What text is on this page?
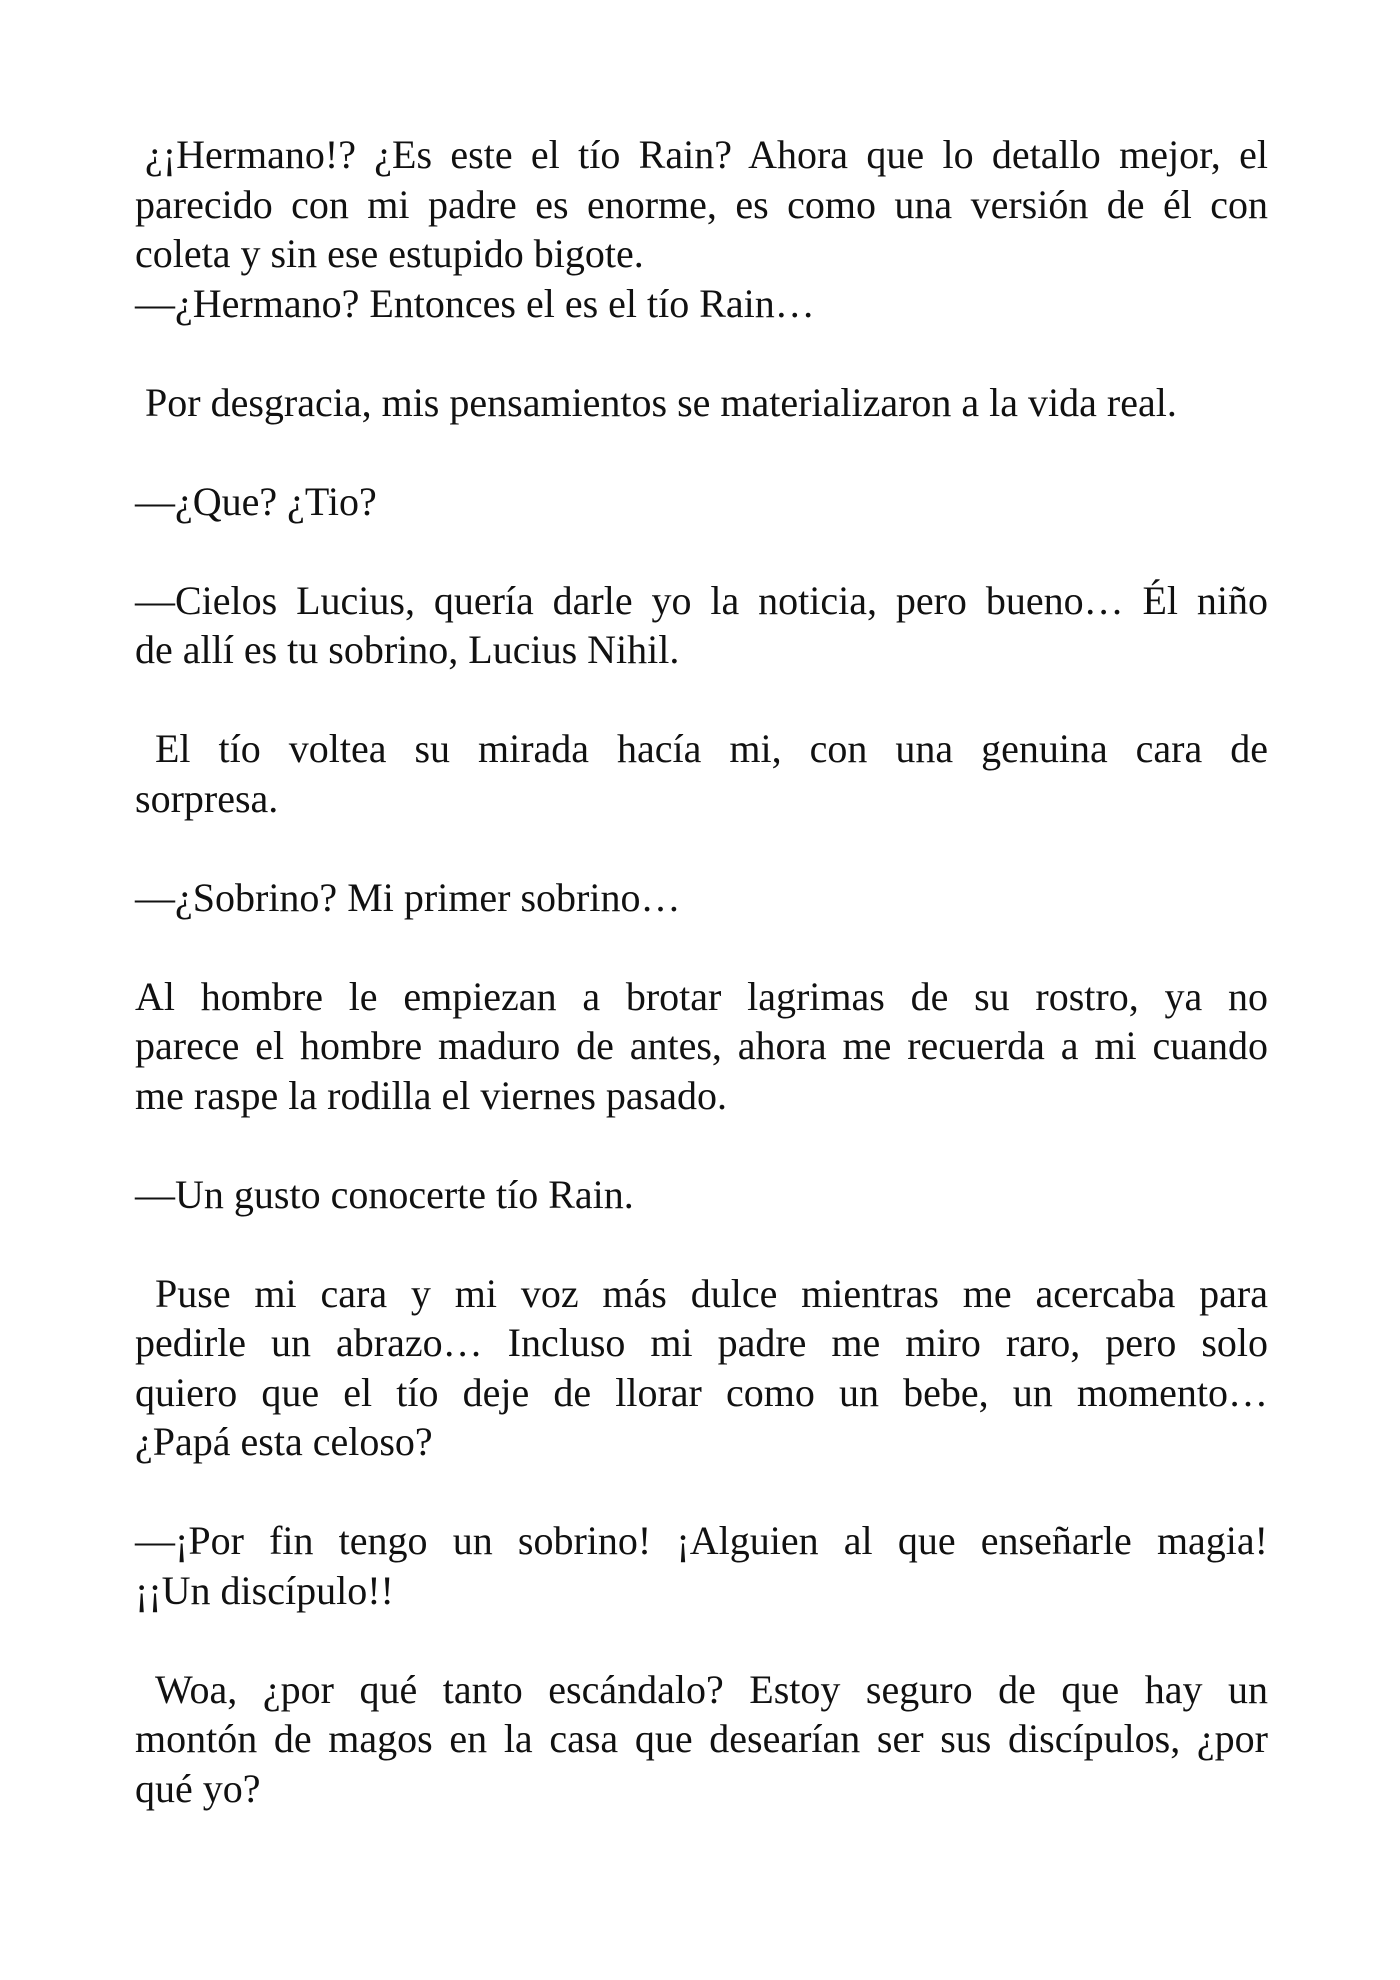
¿¡Hermano!? ¿Es este el tío Rain? Ahora que lo detallo mejor, el
parecido con mi padre es enorme, es como una versión de él con
coleta y sin ese estupido bigote.

—¿Hermano? Entonces el es el tío Rain…

Por desgracia, mis pensamientos se materializaron a la vida real.

—¿Que? ¿Tio?

—Cielos Lucius, quería darle yo la noticia, pero bueno… Él niño
de allí es tu sobrino, Lucius Nihil.

El tío voltea su mirada hacía mi, con una genuina cara de
sorpresa.

—¿Sobrino? Mi primer sobrino…

Al hombre le empiezan a brotar lagrimas de su rostro, ya no
parece el hombre maduro de antes, ahora me recuerda a mi cuando
me raspe la rodilla el viernes pasado.

—Un gusto conocerte tío Rain.

Puse mi cara y mi voz más dulce mientras me acercaba para
pedirle un abrazo… Incluso mi padre me miro raro, pero solo
quiero que el tío deje de llorar como un bebe, un momento…
¿Papá esta celoso?

—¡Por fin tengo un sobrino! ¡Alguien al que enseñarle magia!
¡¡Un discípulo!!

Woa, ¿por qué tanto escándalo? Estoy seguro de que hay un
montón de magos en la casa que desearían ser sus discípulos, ¿por
qué yo?
